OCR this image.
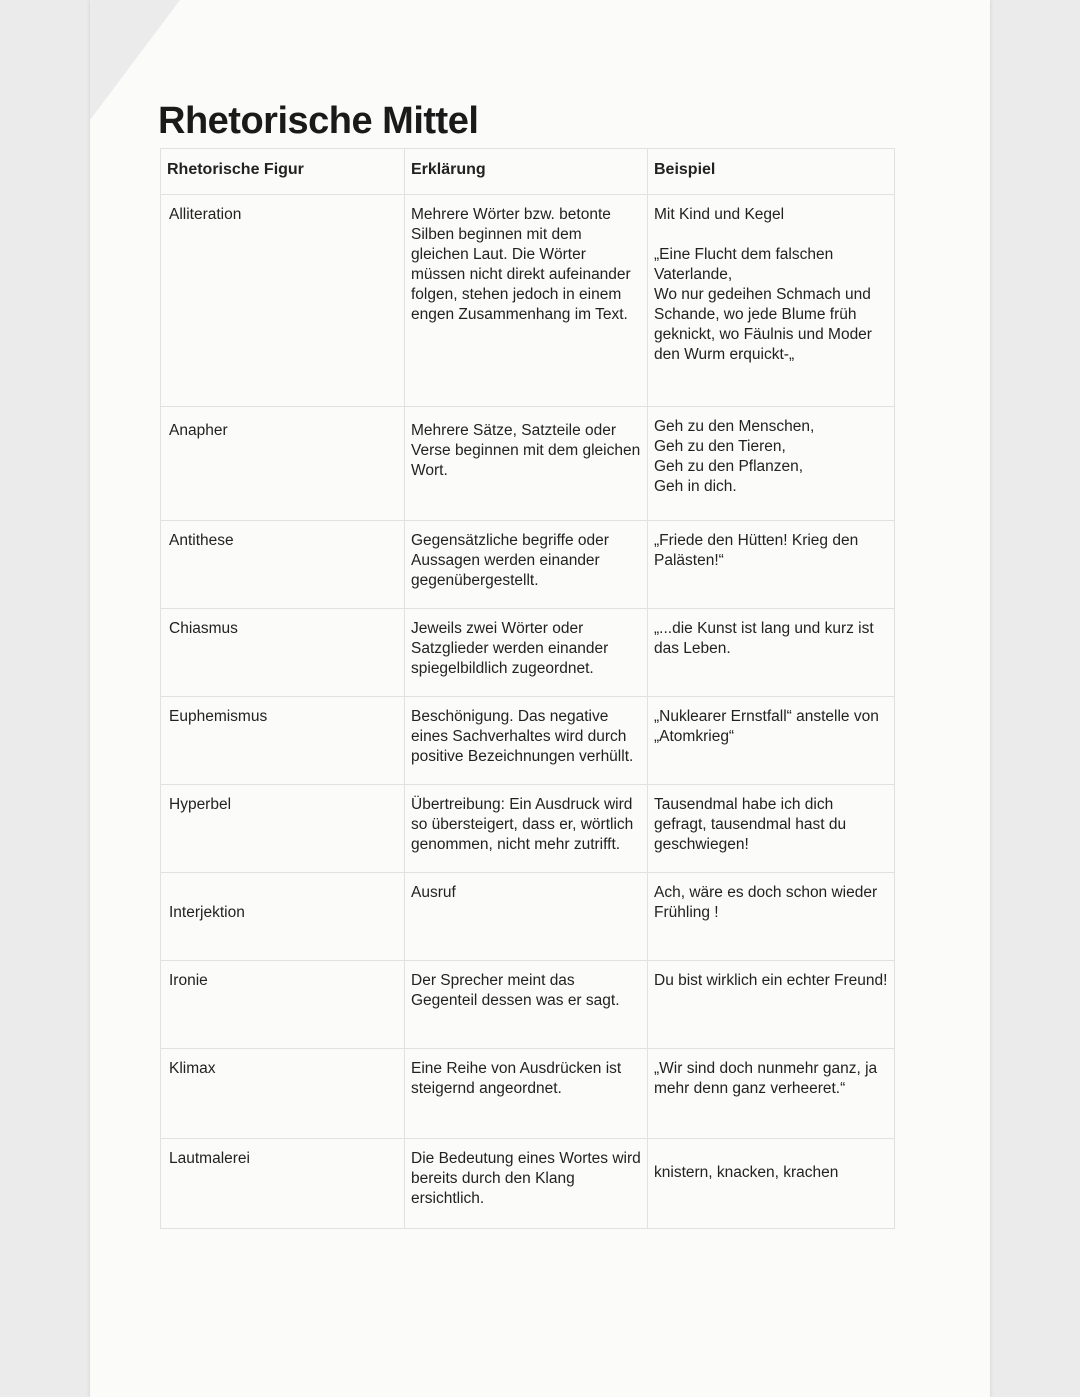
Rhetorische Mittel
Rhetorische Figur	Erklärung	Beispiel
Alliteration	Mehrere Wörter bzw. betonte Silben beginnen mit dem gleichen Laut. Die Wörter müssen nicht direkt aufeinander folgen, stehen jedoch in einem engen Zusammenhang im Text.	Mit Kind und Kegel

„Eine Flucht dem falschen Vaterlande,
Wo nur gedeihen Schmach und Schande, wo jede Blume früh geknickt, wo Fäulnis und Moder den Wurm erquickt-„
Anapher	Mehrere Sätze, Satzteile oder Verse beginnen mit dem gleichen Wort.	Geh zu den Menschen,
Geh zu den Tieren,
Geh zu den Pflanzen,
Geh in dich.
Antithese	Gegensätzliche begriffe oder Aussagen werden einander gegenübergestellt.	„Friede den Hütten! Krieg den Palästen!“
Chiasmus	Jeweils zwei Wörter oder Satzglieder werden einander spiegelbildlich zugeordnet.	„...die Kunst ist lang und kurz ist das Leben.
Euphemismus	Beschönigung. Das negative eines Sachverhaltes wird durch positive Bezeichnungen verhüllt.	„Nuklearer Ernstfall“ anstelle von „Atomkrieg“
Hyperbel	Übertreibung: Ein Ausdruck wird so übersteigert, dass er, wörtlich genommen, nicht mehr zutrifft.	Tausendmal habe ich dich gefragt, tausendmal hast du geschwiegen!
Interjektion	Ausruf	Ach, wäre es doch schon wieder Frühling !
Ironie	Der Sprecher meint das Gegenteil dessen was er sagt.	Du bist wirklich ein echter Freund!
Klimax	Eine Reihe von Ausdrücken ist steigernd angeordnet.	„Wir sind doch nunmehr ganz, ja mehr denn ganz verheeret.“
Lautmalerei	Die Bedeutung eines Wortes wird bereits durch den Klang ersichtlich.	knistern, knacken, krachen
